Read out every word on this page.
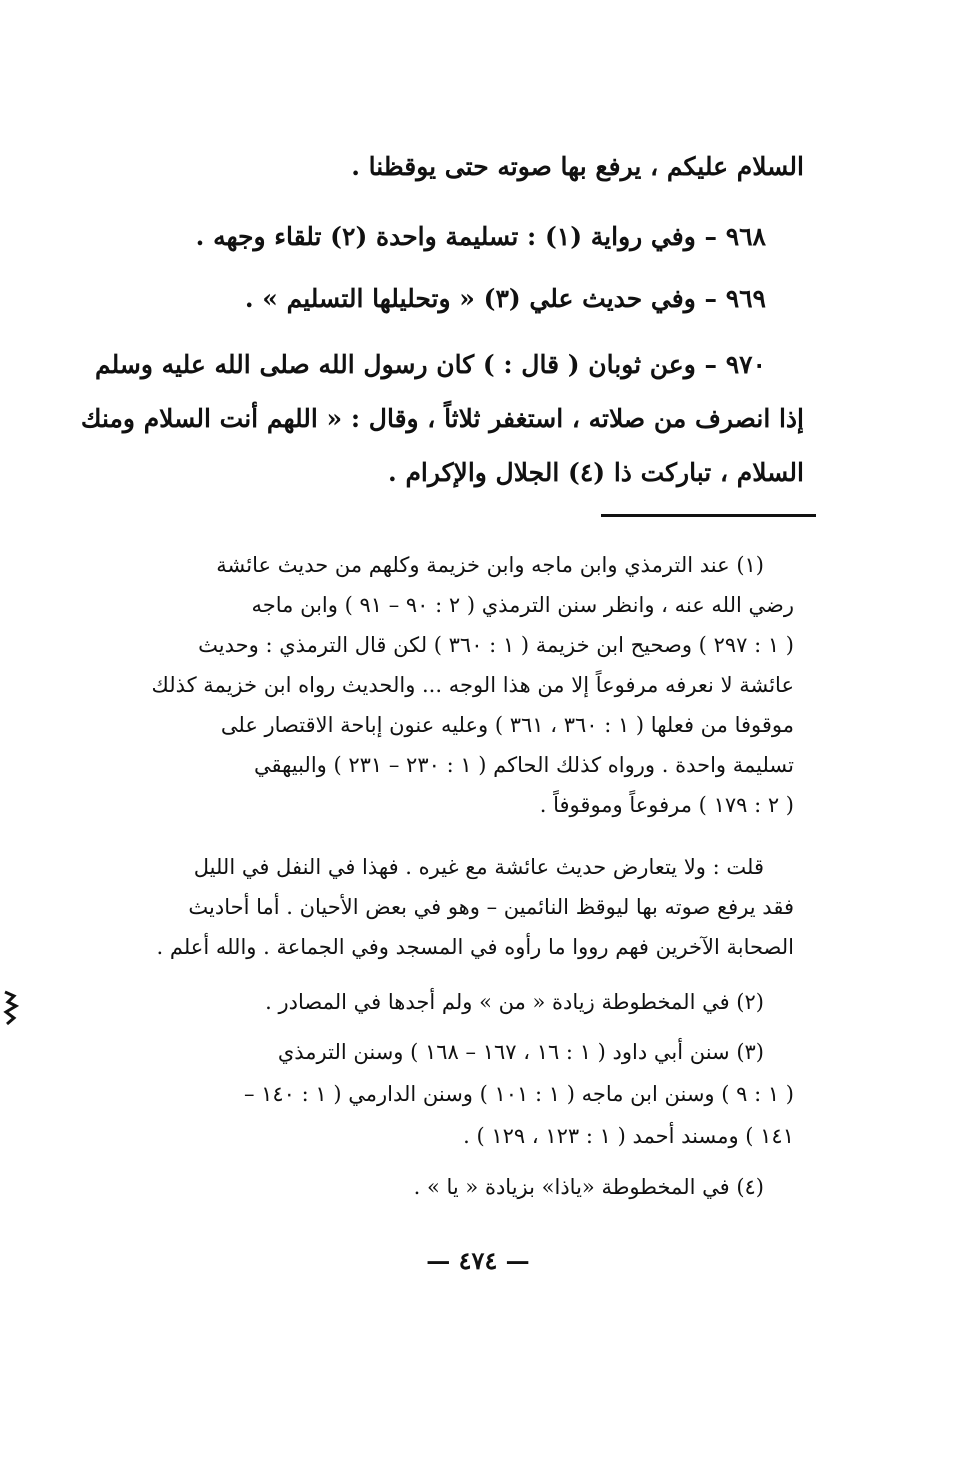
السلام عليكم ، يرفع بها صوته حتى يوقظنا .
٩٦٨ – وفي رواية (١) : تسليمة واحدة (٢) تلقاء وجهه .
٩٦٩ – وفي حديث علي (٣) « وتحليلها التسليم » .
٩٧٠ – وعن ثوبان ( قال : ) كان رسول الله صلى الله عليه وسلم
إذا انصرف من صلاته ، استغفر ثلاثاً ، وقال : « اللهم أنت السلام ومنك
السلام ، تباركت ذا (٤) الجلال والإكرام .
(١) عند الترمذي وابن ماجه وابن خزيمة وكلهم من حديث عائشة
رضي الله عنه ، وانظر سنن الترمذي ( ٢ : ٩٠ – ٩١ ) وابن ماجه
( ١ : ٢٩٧ ) وصحيح ابن خزيمة ( ١ : ٣٦٠ ) لكن قال الترمذي : وحديث
عائشة لا نعرفه مرفوعاً إلا من هذا الوجه ... والحديث رواه ابن خزيمة كذلك
موقوفا من فعلها ( ١ : ٣٦٠ ، ٣٦١ ) وعليه عنون إباحة الاقتصار على
تسليمة واحدة . ورواه كذلك الحاكم ( ١ : ٢٣٠ – ٢٣١ ) والبيهقي
( ٢ : ١٧٩ ) مرفوعاً وموقوفاً .
قلت : ولا يتعارض حديث عائشة مع غيره . فهذا في النفل في الليل
فقد يرفع صوته بها ليوقظ النائمين – وهو في بعض الأحيان . أما أحاديث
الصحابة الآخرين فهم رووا ما رأوه في المسجد وفي الجماعة . والله أعلم .
(٢) في المخطوطة زيادة « من » ولم أجدها في المصادر .
(٣) سنن أبي داود ( ١ : ١٦ ، ١٦٧ – ١٦٨ ) وسنن الترمذي
( ١ : ٩ ) وسنن ابن ماجه ( ١ : ١٠١ ) وسنن الدارمي ( ١ : ١٤٠ –
١٤١ ) ومسند أحمد ( ١ : ١٢٣ ، ١٢٩ ) .
(٤) في المخطوطة «ياذا» بزيادة « يا » .
— ٤٧٤ —
